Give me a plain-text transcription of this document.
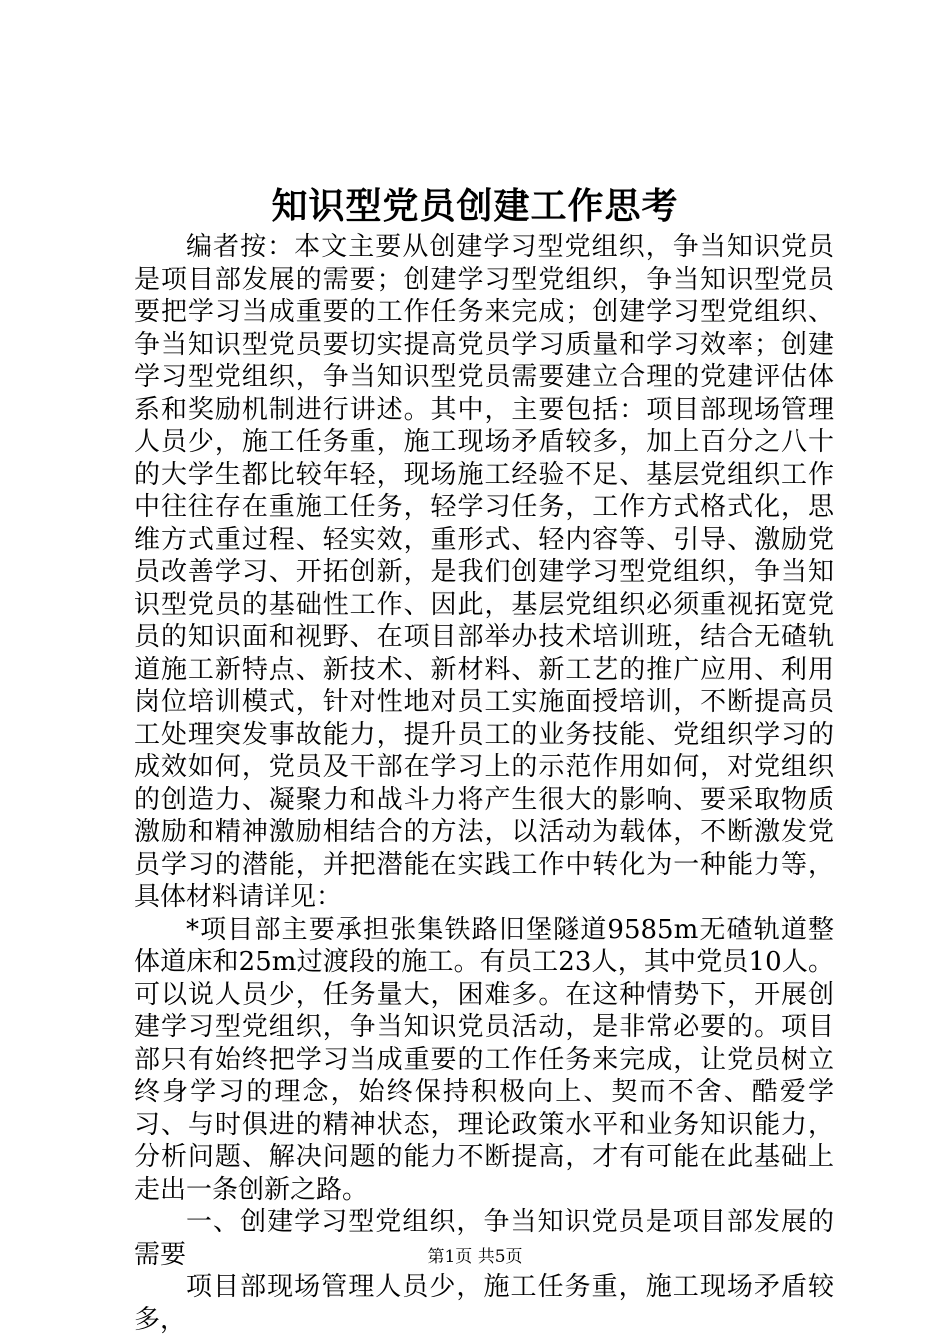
知识型党员创建工作思考

编者按：本文主要从创建学习型党组织，争当知识党员是项目部发展的需要；创建学习型党组织，争当知识型党员要把学习当成重要的工作任务来完成；创建学习型党组织、争当知识型党员要切实提高党员学习质量和学习效率；创建学习型党组织，争当知识型党员需要建立合理的党建评估体系和奖励机制进行讲述。其中，主要包括：项目部现场管理人员少，施工任务重，施工现场矛盾较多，加上百分之八十的大学生都比较年轻，现场施工经验不足、基层党组织工作中往往存在重施工任务，轻学习任务，工作方式格式化，思维方式重过程、轻实效，重形式、轻内容等、引导、激励党员改善学习、开拓创新，是我们创建学习型党组织，争当知识型党员的基础性工作、因此，基层党组织必须重视拓宽党员的知识面和视野、在项目部举办技术培训班，结合无碴轨道施工新特点、新技术、新材料、新工艺的推广应用、利用岗位培训模式，针对性地对员工实施面授培训，不断提高员工处理突发事故能力，提升员工的业务技能、党组织学习的成效如何，党员及干部在学习上的示范作用如何，对党组织的创造力、凝聚力和战斗力将产生很大的影响、要采取物质激励和精神激励相结合的方法，以活动为载体，不断激发党员学习的潜能，并把潜能在实践工作中转化为一种能力等，具体材料请详见：

*项目部主要承担张集铁路旧堡隧道9585m无碴轨道整体道床和25m过渡段的施工。有员工23人，其中党员10人。可以说人员少，任务量大，困难多。在这种情势下，开展创建学习型党组织，争当知识党员活动，是非常必要的。项目部只有始终把学习当成重要的工作任务来完成，让党员树立终身学习的理念，始终保持积极向上、契而不舍、酷爱学习、与时俱进的精神状态，理论政策水平和业务知识能力，分析问题、解决问题的能力不断提高，才有可能在此基础上走出一条创新之路。

一、创建学习型党组织，争当知识党员是项目部发展的需要

项目部现场管理人员少，施工任务重，施工现场矛盾较多，

第1页 共5页
